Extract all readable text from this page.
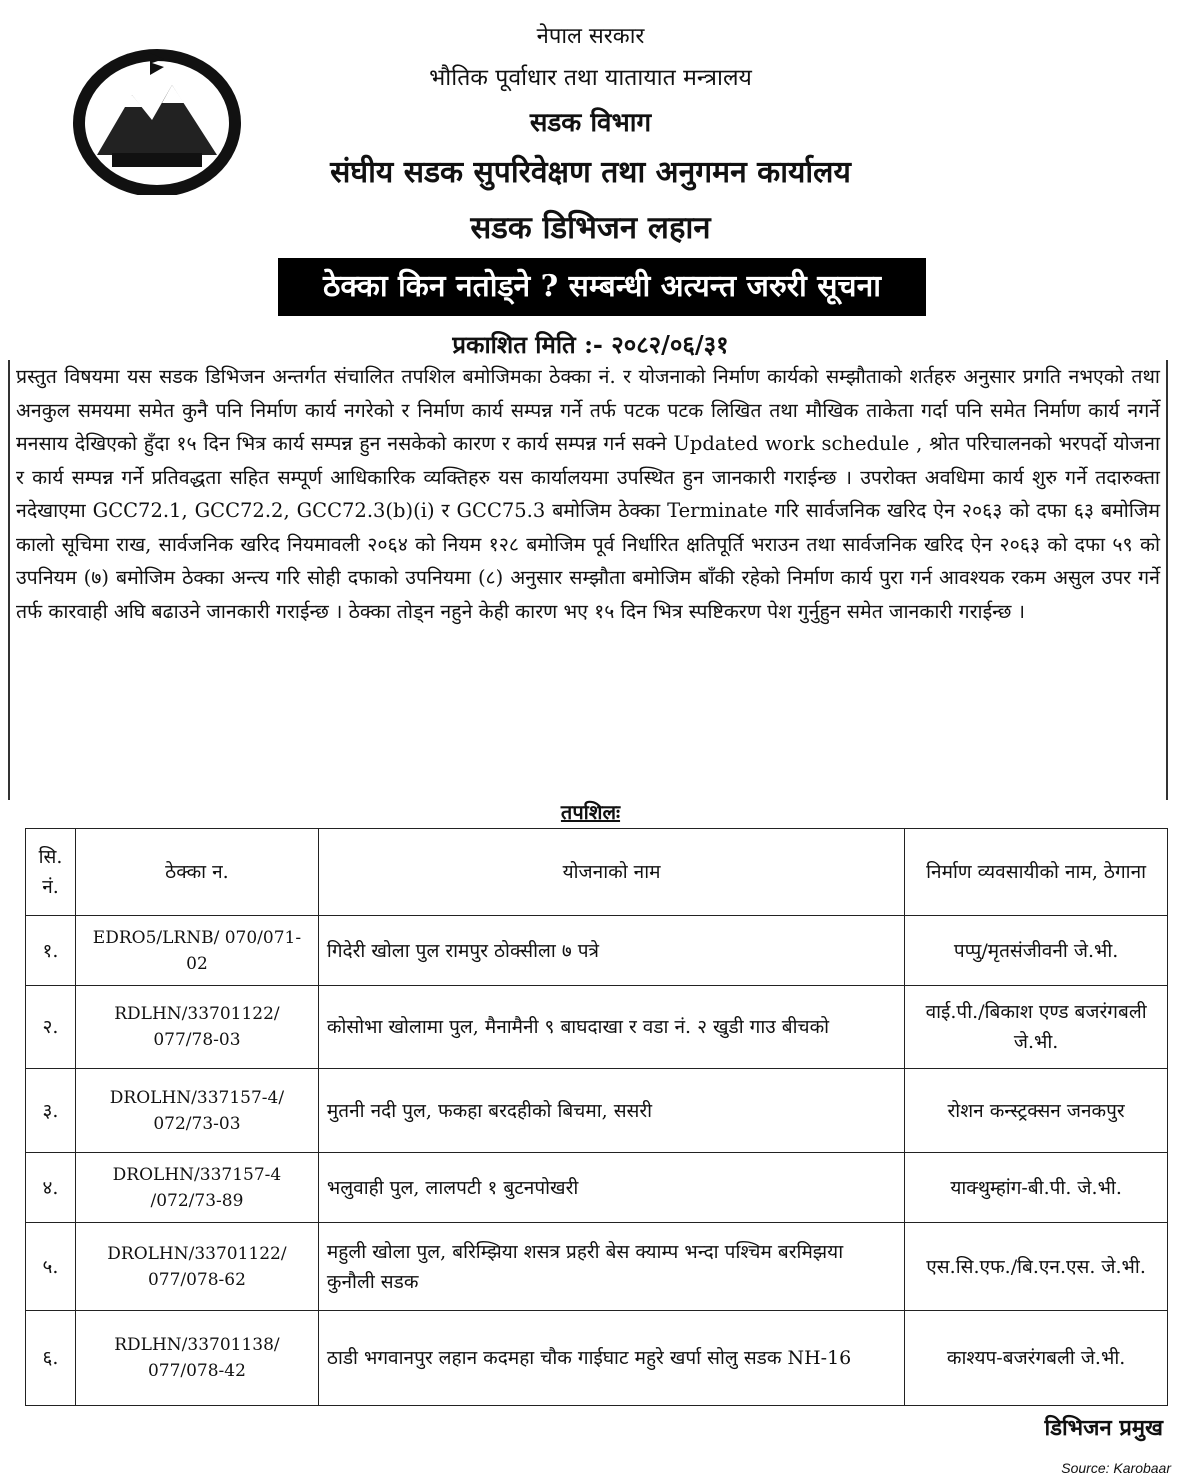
नेपाल सरकार
भौतिक पूर्वाधार तथा यातायात मन्त्रालय
सडक विभाग
संघीय सडक सुपरिवेक्षण तथा अनुगमन कार्यालय
सडक डिभिजन लहान
ठेक्का किन नतोड्ने ? सम्बन्धी अत्यन्त जरुरी सूचना
प्रकाशित मिति :- २०८२/०६/३१
प्रस्तुत विषयमा यस सडक डिभिजन अन्तर्गत संचालित तपशिल बमोजिमका ठेक्का नं. र योजनाको निर्माण कार्यको सम्झौताको शर्तहरु अनुसार प्रगति नभएको तथा अनकुल समयमा समेत कुनै पनि निर्माण कार्य नगरेको र निर्माण कार्य सम्पन्न गर्ने तर्फ पटक पटक लिखित तथा मौखिक ताकेता गर्दा पनि समेत निर्माण कार्य नगर्ने मनसाय देखिएको हुँदा १५ दिन भित्र कार्य सम्पन्न हुन नसकेको कारण र कार्य सम्पन्न गर्न सक्ने Updated work schedule , श्रोत परिचालनको भरपर्दो योजना र कार्य सम्पन्न गर्ने प्रतिवद्धता सहित सम्पूर्ण आधिकारिक व्यक्तिहरु यस कार्यालयमा उपस्थित हुन जानकारी गराईन्छ । उपरोक्त अवधिमा कार्य शुरु गर्ने तदारुक्ता नदेखाएमा GCC72.1, GCC72.2, GCC72.3(b)(i) र GCC75.3 बमोजिम ठेक्का Terminate गरि सार्वजनिक खरिद ऐन २०६३ को दफा ६३ बमोजिम कालो सूचिमा राख, सार्वजनिक खरिद नियमावली २०६४ को नियम १२८ बमोजिम पूर्व निर्धारित क्षतिपूर्ति भराउन तथा सार्वजनिक खरिद ऐन २०६३ को दफा ५९ को उपनियम (७) बमोजिम ठेक्का अन्त्य गरि सोही दफाको उपनियमा (८) अनुसार सम्झौता बमोजिम बाँकी रहेको निर्माण कार्य पुरा गर्न आवश्यक रकम असुल उपर गर्ने तर्फ कारवाही अघि बढाउने जानकारी गराईन्छ । ठेक्का तोड्न नहुने केही कारण भए १५ दिन भित्र स्पष्टिकरण पेश गुर्नुहुन समेत जानकारी गराईन्छ ।
तपशिलः
सि. नं.	ठेक्का न.	योजनाको नाम	निर्माण व्यवसायीको नाम, ठेगाना
१.	EDRO5/LRNB/ 070/071-02	गिदेरी खोला पुल रामपुर ठोक्सीला ७ पत्रे	पप्पु/मृतसंजीवनी जे.भी.
२.	RDLHN/33701122/ 077/78-03	कोसोभा खोलामा पुल, मैनामैनी ९ बाघदाखा र वडा नं. २ खुडी गाउ बीचको	वाई.पी./बिकाश एण्ड बजरंगबली जे.भी.
३.	DROLHN/337157-4/ 072/73-03	मुतनी नदी पुल, फकहा बरदहीको बिचमा, ससरी	रोशन कन्स्ट्रक्सन जनकपुर
४.	DROLHN/337157-4 /072/73-89	भलुवाही पुल, लालपटी १ बुटनपोखरी	याक्थुम्हांग-बी.पी. जे.भी.
५.	DROLHN/33701122/ 077/078-62	महुली खोला पुल, बरिम्झिया शसत्र प्रहरी बेस क्याम्प भन्दा पश्चिम बरमिझया कुनौली सडक	एस.सि.एफ./बि.एन.एस. जे.भी.
६.	RDLHN/33701138/ 077/078-42	ठाडी भगवानपुर लहान कदमहा चौक गाईघाट महुरे खर्पा सोलु सडक NH-16	काश्यप-बजरंगबली जे.भी.
डिभिजन प्रमुख
Source: Karobaar
